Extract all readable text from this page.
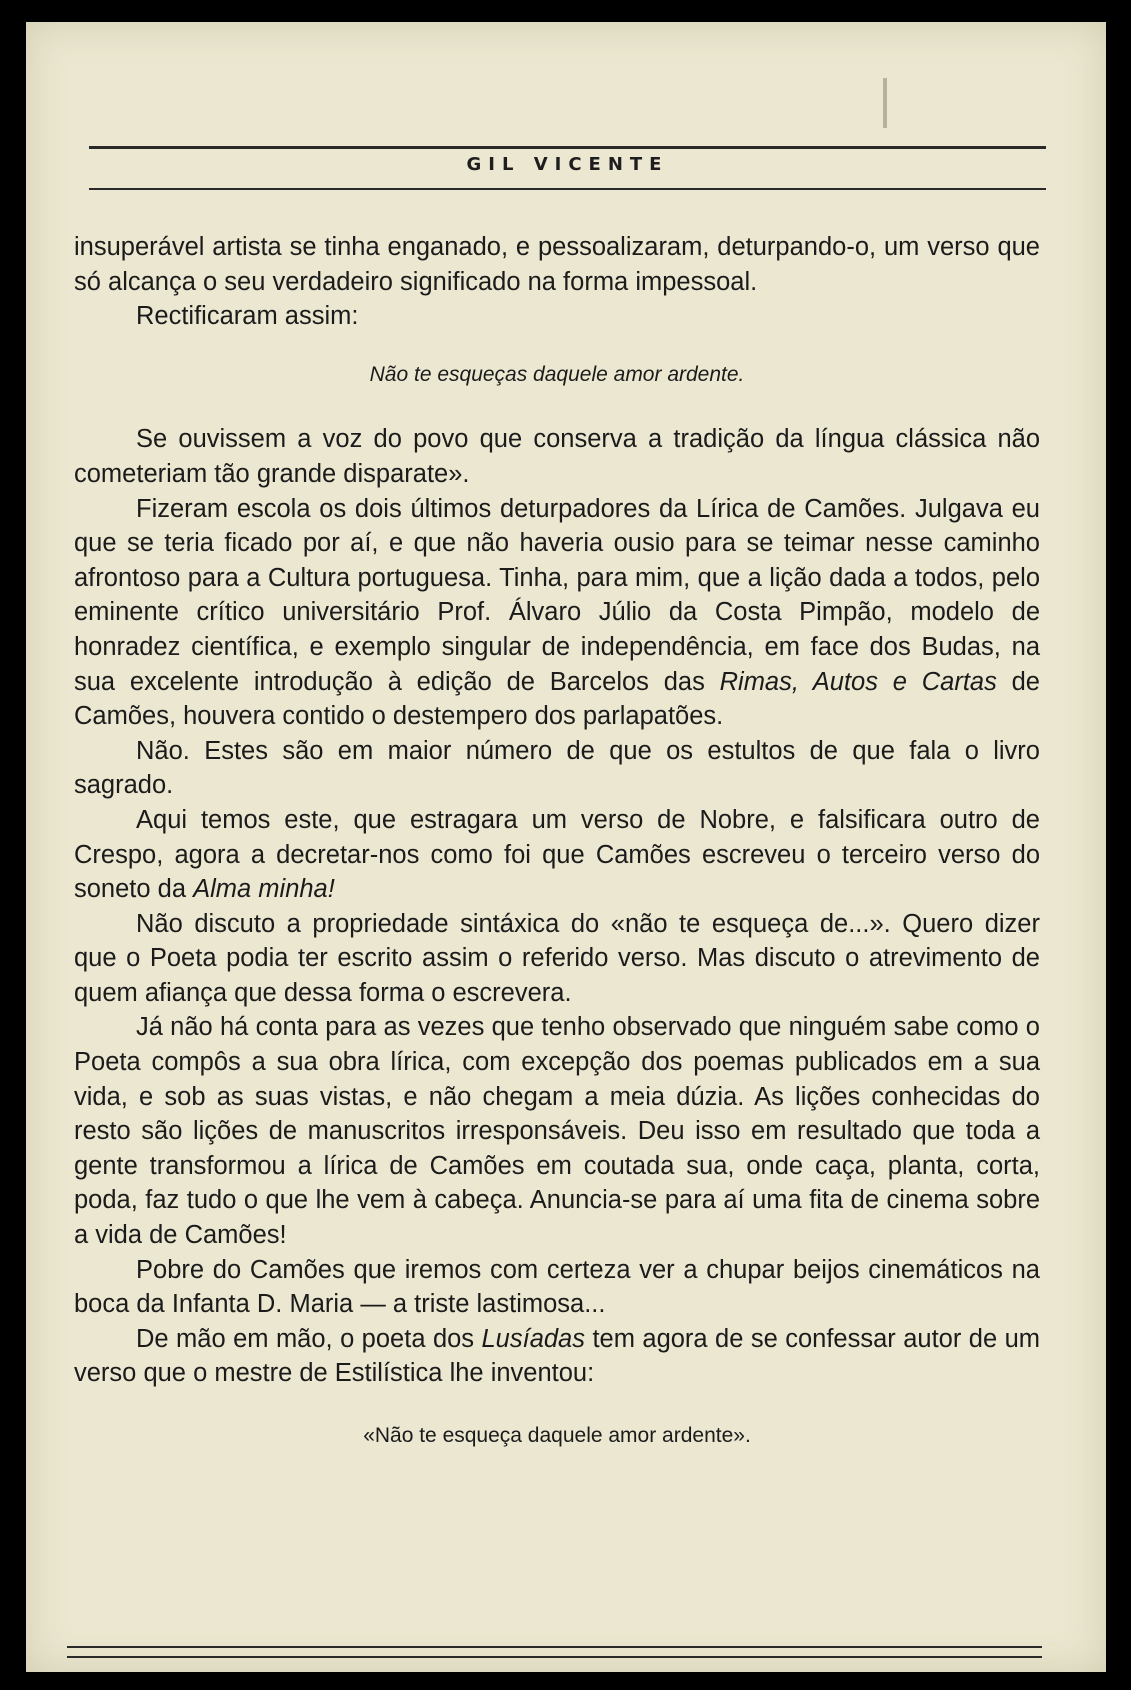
GIL VICENTE

insuperável artista se tinha enganado, e pessoalizaram, deturpando-o, um verso que só alcança o seu verdadeiro significado na forma impessoal.

Rectificaram assim:

Não te esqueças daquele amor ardente.

Se ouvissem a voz do povo que conserva a tradição da língua clássica não cometeriam tão grande disparate».

Fizeram escola os dois últimos deturpadores da Lírica de Camões. Julgava eu que se teria ficado por aí, e que não haveria ousio para se teimar nesse caminho afrontoso para a Cultura portuguesa. Tinha, para mim, que a lição dada a todos, pelo eminente crítico universitário Prof. Álvaro Júlio da Costa Pimpão, modelo de honradez científica, e exemplo singular de independência, em face dos Budas, na sua excelente introdução à edição de Barcelos das Rimas, Autos e Cartas de Camões, houvera contido o destempero dos parlapatões.

Não. Estes são em maior número de que os estultos de que fala o livro sagrado.

Aqui temos este, que estragara um verso de Nobre, e falsificara outro de Crespo, agora a decretar-nos como foi que Camões escreveu o terceiro verso do soneto da Alma minha!

Não discuto a propriedade sintáxica do «não te esqueça de...». Quero dizer que o Poeta podia ter escrito assim o referido verso. Mas discuto o atrevimento de quem afiança que dessa forma o escrevera.

Já não há conta para as vezes que tenho observado que ninguém sabe como o Poeta compôs a sua obra lírica, com excepção dos poemas publicados em a sua vida, e sob as suas vistas, e não chegam a meia dúzia. As lições conhecidas do resto são lições de manuscritos irresponsáveis. Deu isso em resultado que toda a gente transformou a lírica de Camões em coutada sua, onde caça, planta, corta, poda, faz tudo o que lhe vem à cabeça. Anuncia-se para aí uma fita de cinema sobre a vida de Camões!

Pobre do Camões que iremos com certeza ver a chupar beijos cinemáticos na boca da Infanta D. Maria — a triste lastimosa...

De mão em mão, o poeta dos Lusíadas tem agora de se confessar autor de um verso que o mestre de Estilística lhe inventou:

«Não te esqueça daquele amor ardente».
